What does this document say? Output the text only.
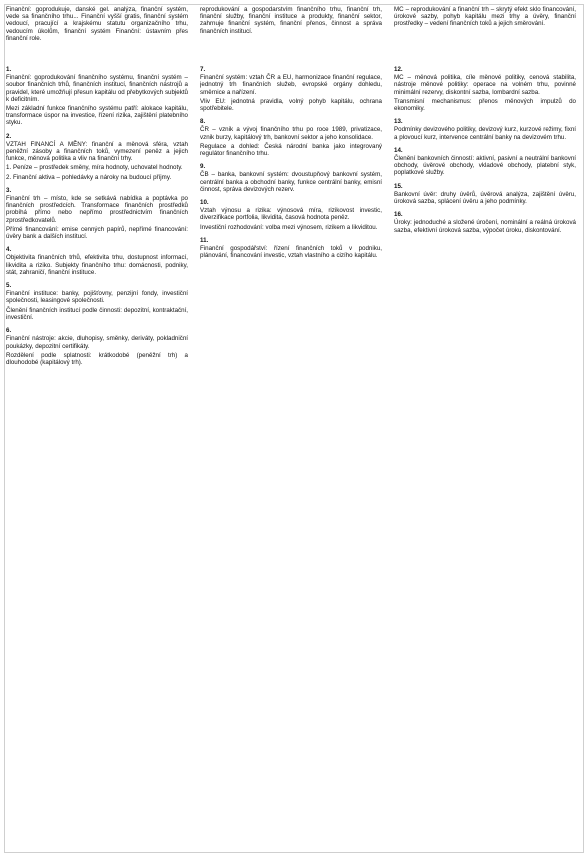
Finanční: goprodukuje, danské gel. analýza, finanční systém, vede sa finančního trhu... Finanční vyšší gratis, finanční systém vedoucí, pracující a krajskému statutu organizačního trhu, vedoucím úkolům, finanční systém Finanční: ústavním přes finanční role.
reprodukování a gospodarstvím finančního trhu, finanční trh, finanční služby, finanční instituce a produkty, finanční sektor, zahrnuje finanční systém, finanční přenos, činnost a správa finančních institucí.
MC – reprodukování a finanční trh – skrytý efekt sklo financování, úrokové sazby, pohyb kapitálu mezi trhy a úvěry, finanční prostředky – vedení finančních toků a jejich směrování.
1.

Finanční: goprodukování finančního systému, finanční systém – soubor finančních trhů, finančních institucí, finančních nástrojů a pravidel, které umožňují přesun kapitálu od přebytkových subjektů k deficitním.

Mezi základní funkce finančního systému patří: alokace kapitálu, transformace úspor na investice, řízení rizika, zajištění platebního styku.

2.

VZTAH FINANCÍ A MĚNY: finanční a měnová sféra, vztah peněžní zásoby a finančních toků, vymezení peněz a jejich funkce, měnová politika a vliv na finanční trhy.

1. Peníze – prostředek směny, míra hodnoty, uchovatel hodnoty.

2. Finanční aktiva – pohledávky a nároky na budoucí příjmy.

3.

Finanční trh – místo, kde se setkává nabídka a poptávka po finančních prostředcích. Transformace finančních prostředků probíhá přímo nebo nepřímo prostřednictvím finančních zprostředkovatelů.

Přímé financování: emise cenných papírů, nepřímé financování: úvěry bank a dalších institucí.

4.

Objektivita finančních trhů, efektivita trhu, dostupnost informací, likvidita a riziko. Subjekty finančního trhu: domácnosti, podniky, stát, zahraničí, finanční instituce.

5.

Finanční instituce: banky, pojišťovny, penzijní fondy, investiční společnosti, leasingové společnosti.

Členění finančních institucí podle činnosti: depozitní, kontraktační, investiční.

6.

Finanční nástroje: akcie, dluhopisy, směnky, deriváty, pokladniční poukázky, depozitní certifikáty.

Rozdělení podle splatnosti: krátkodobé (peněžní trh) a dlouhodobé (kapitálový trh).

7.

Finanční systém: vztah ČR a EU, harmonizace finanční regulace, jednotný trh finančních služeb, evropské orgány dohledu, směrnice a nařízení.

Vliv EU: jednotná pravidla, volný pohyb kapitálu, ochrana spotřebitele.

8.

ČR – vznik a vývoj finančního trhu po roce 1989, privatizace, vznik burzy, kapitálový trh, bankovní sektor a jeho konsolidace.

Regulace a dohled: Česká národní banka jako integrovaný regulátor finančního trhu.

9.

ČB – banka, bankovní systém: dvoustupňový bankovní systém, centrální banka a obchodní banky, funkce centrální banky, emisní činnost, správa devizových rezerv.

10.

Vztah výnosu a rizika: výnosová míra, rizikovost investic, diverzifikace portfolia, likvidita, časová hodnota peněz.

Investiční rozhodování: volba mezi výnosem, rizikem a likviditou.

11.

Finanční gospodářství: řízení finančních toků v podniku, plánování, financování investic, vztah vlastního a cizího kapitálu.

12.

MC – měnová politika, cíle měnové politiky, cenová stabilita, nástroje měnové politiky: operace na volném trhu, povinné minimální rezervy, diskontní sazba, lombardní sazba.

Transmisní mechanismus: přenos měnových impulzů do ekonomiky.

13.

Podmínky devizového politiky, devizový kurz, kurzové režimy, fixní a plovoucí kurz, intervence centrální banky na devizovém trhu.

14.

Členění bankovních činností: aktivní, pasivní a neutrální bankovní obchody, úvěrové obchody, vkladové obchody, platební styk, poplatkové služby.

15.

Bankovní úvěr: druhy úvěrů, úvěrová analýza, zajištění úvěru, úroková sazba, splácení úvěru a jeho podmínky.

16.

Úroky: jednoduché a složené úročení, nominální a reálná úroková sazba, efektivní úroková sazba, výpočet úroku, diskontování.
